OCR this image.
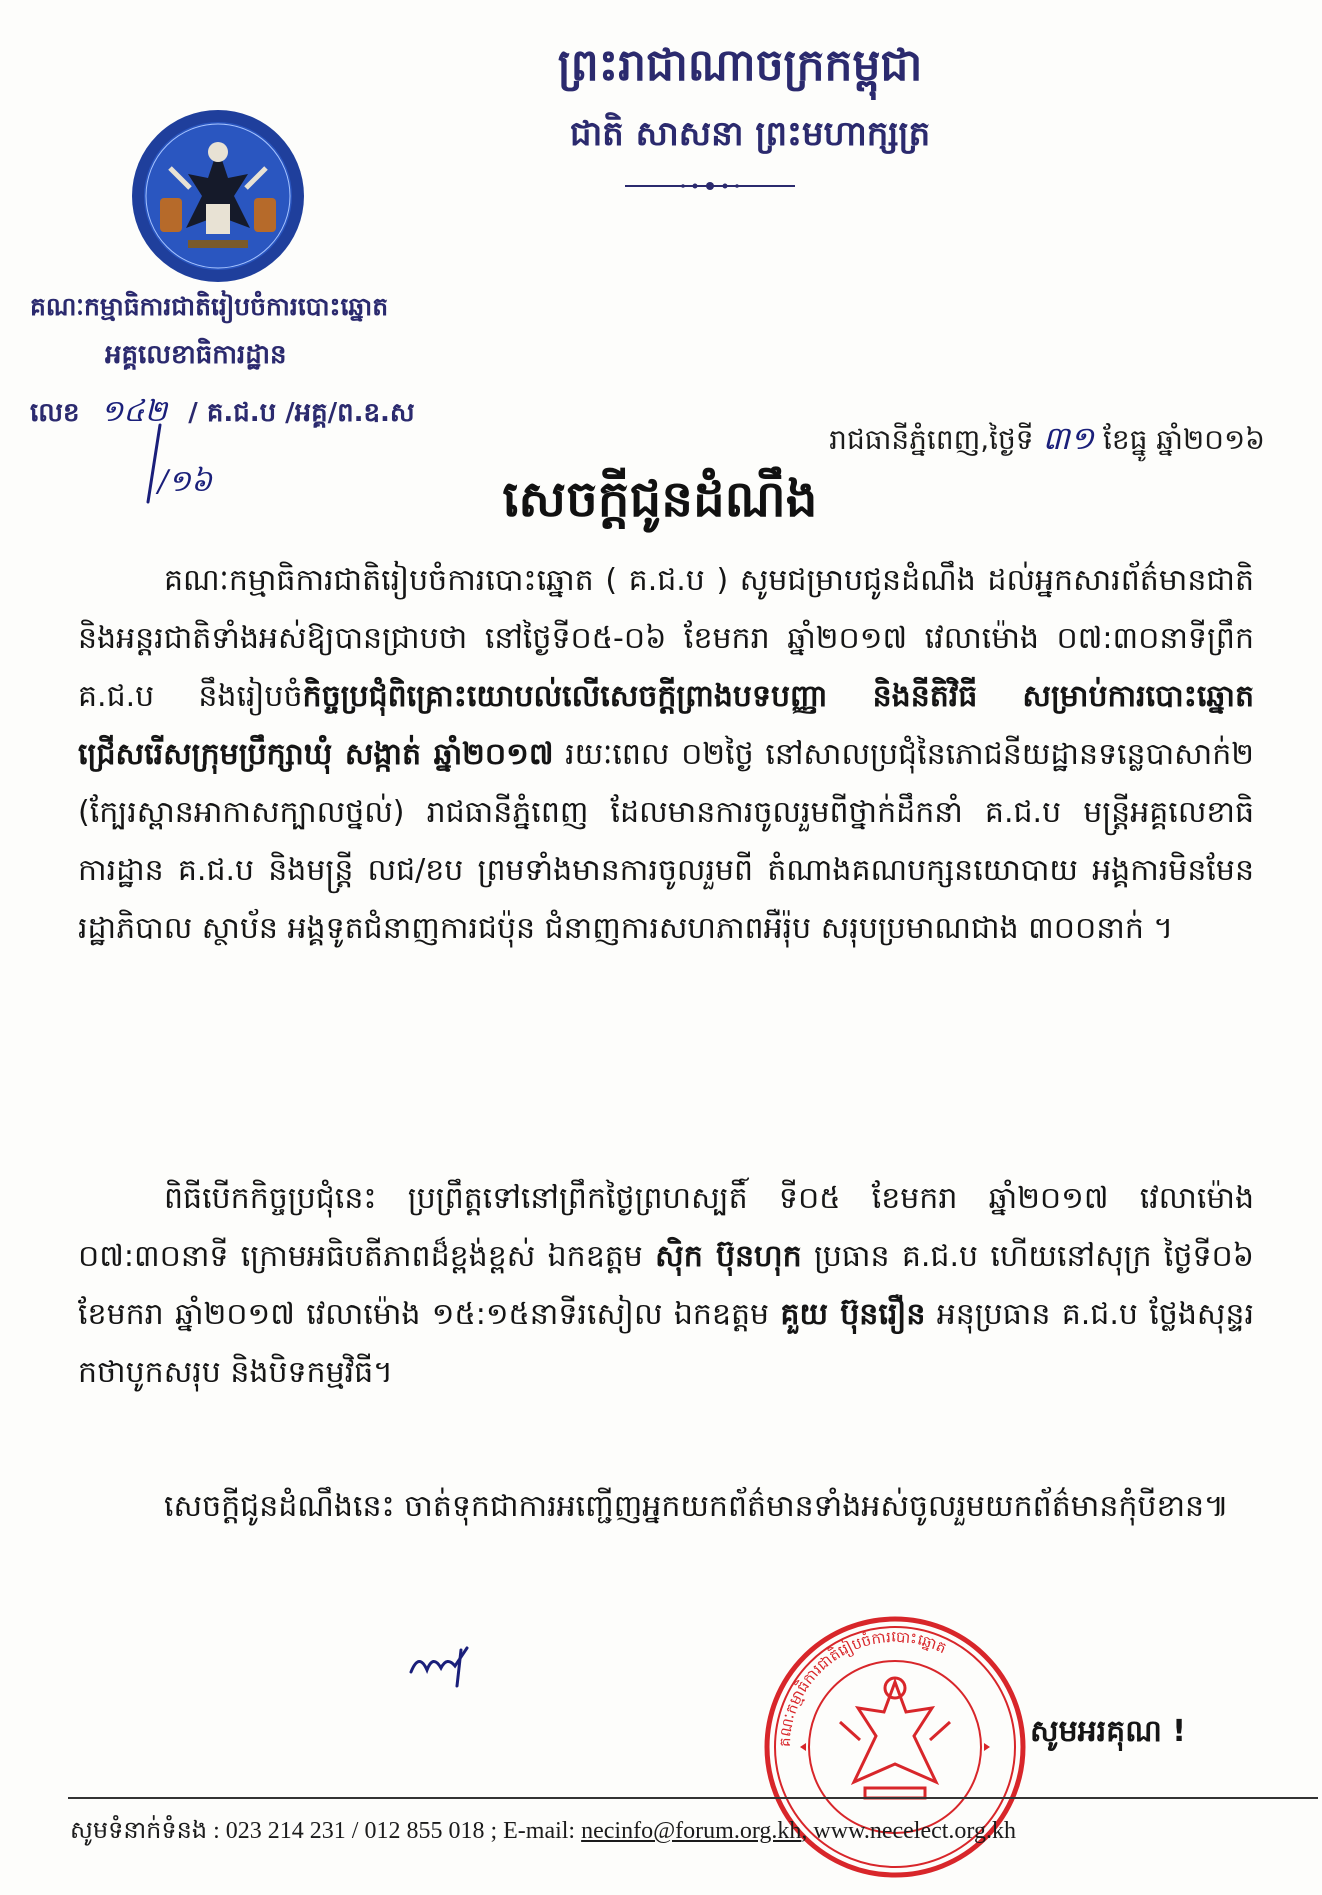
ព្រះរាជាណាចក្រកម្ពុជា
ជាតិ សាសនា ព្រះមហាក្សត្រ
គណៈកម្មាធិការជាតិរៀបចំការបោះឆ្នោត
អគ្គលេខាធិការដ្ឋាន
លេខ ១៤២ / គ.ជ.ប /អគ្គ/ព.ឧ.ស
/១៦
រាជធានីភ្នំពេញ,ថ្ងៃទី ៣១ ខែធ្នូ ឆ្នាំ២០១៦
សេចក្តីជូនដំណឹង
គណៈកម្មាធិការជាតិរៀបចំការបោះឆ្នោត ( គ.ជ.ប ) សូមជម្រាបជូនដំណឹង ដល់អ្នកសារព័ត៌មានជាតិ និងអន្តរជាតិទាំងអស់ឱ្យបានជ្រាបថា នៅថ្ងៃទី០៥-០៦ ខែមករា ឆ្នាំ២០១៧ វេលាម៉ោង ០៧:៣០នាទីព្រឹក គ.ជ.ប នឹងរៀបចំកិច្ចប្រជុំពិគ្រោះយោបល់លើសេចក្តីព្រាងបទបញ្ញា និងនីតិវិធី សម្រាប់ការបោះឆ្នោតជ្រើសរើសក្រុមប្រឹក្សាឃុំ សង្កាត់ ឆ្នាំ២០១៧ រយៈពេល ០២ថ្ងៃ នៅសាលប្រជុំនៃភោជនីយដ្ឋានទន្លេបាសាក់២ (ក្បែរស្ពានអាកាសក្បាលថ្នល់) រាជធានីភ្នំពេញ ដែលមានការចូលរួមពីថ្នាក់ដឹកនាំ គ.ជ.ប មន្ត្រីអគ្គលេខាធិការដ្ឋាន គ.ជ.ប និងមន្ត្រី លជ/ខប ព្រមទាំងមានការចូលរួមពី តំណាងគណបក្សនយោបាយ អង្គការមិនមែនរដ្ឋាភិបាល ស្ថាប័ន អង្គទូតជំនាញការជប៉ុន ជំនាញការសហភាពអឺរ៉ុប សរុបប្រមាណជាង ៣០០នាក់ ។
ពិធីបើកកិច្ចប្រជុំនេះ ប្រព្រឹត្តទៅនៅព្រឹកថ្ងៃព្រហស្បតិ៍ ទី០៥ ខែមករា ឆ្នាំ២០១៧ វេលាម៉ោង ០៧:៣០នាទី ក្រោមអធិបតីភាពដ៏ខ្ពង់ខ្ពស់ ឯកឧត្តម ស៊ិក ប៊ុនហុក ប្រធាន គ.ជ.ប ហើយនៅសុក្រ ថ្ងៃទី០៦ ខែមករា ឆ្នាំ២០១៧ វេលាម៉ោង ១៥:១៥នាទីរសៀល ឯកឧត្តម គួយ ប៊ុនរឿន អនុប្រធាន គ.ជ.ប ថ្លែងសុន្ទរកថាបូកសរុប និងបិទកម្មវិធី។
សេចក្តីជូនដំណឹងនេះ ចាត់ទុកជាការអញ្ជើញអ្នកយកព័ត៌មានទាំងអស់ចូលរួមយកព័ត៌មានកុំបីខាន៕
គណៈកម្មាធិការជាតិរៀបចំការបោះឆ្នោត
សូមអរគុណ !
សូមទំនាក់ទំនង : 023 214 231 / 012 855 018 ; E-mail: necinfo@forum.org.kh, www.necelect.org.kh
